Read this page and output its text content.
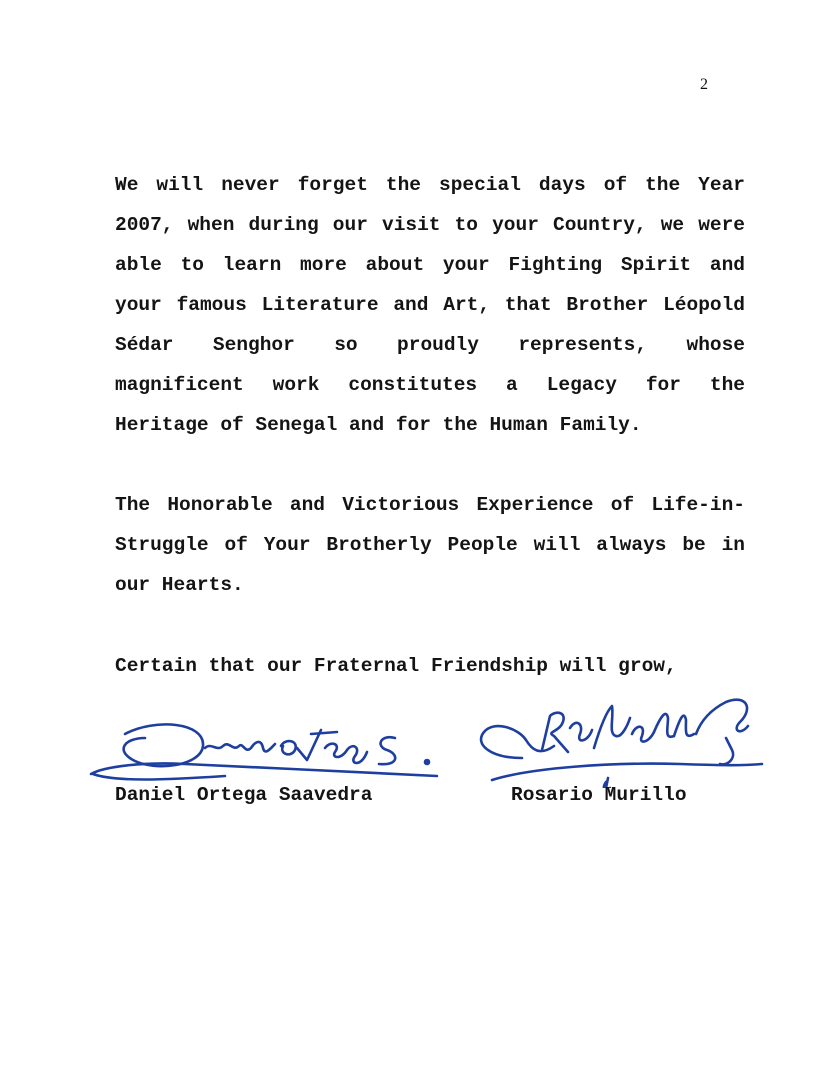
2

We will never forget the special days of the Year 2007, when during our visit to your Country, we were able to learn more about your Fighting Spirit and your famous Literature and Art, that Brother Léopold Sédar Senghor so proudly represents, whose magnificent work constitutes a Legacy for the Heritage of Senegal and for the Human Family.

The Honorable and Victorious Experience of Life-in-Struggle of Your Brotherly People will always be in our Hearts.

Certain that our Fraternal Friendship will grow,

Daniel Ortega Saavedra	Rosario Murillo
